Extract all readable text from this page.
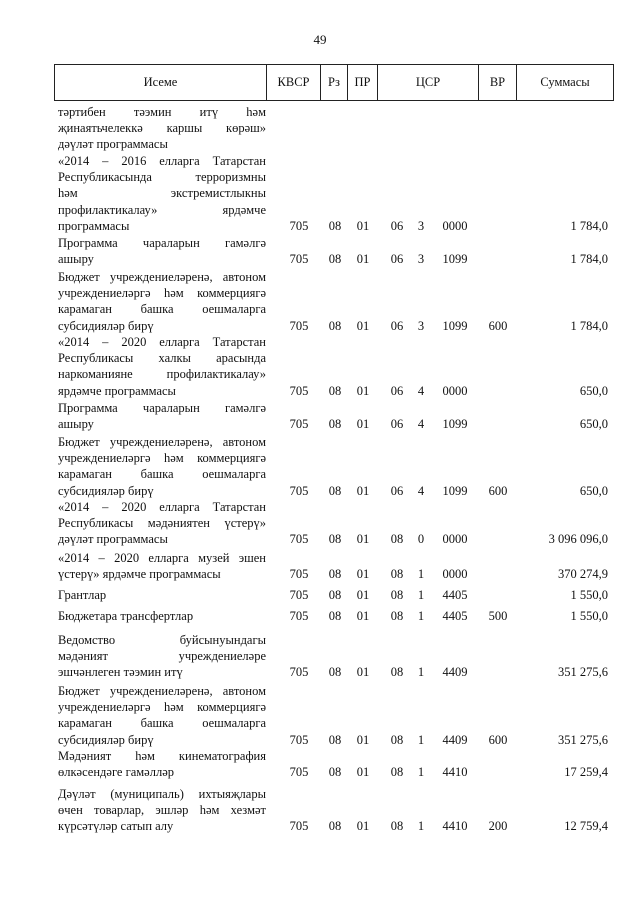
49
Исеме	КВСР	Рз	ПР	ЦСР	ВР	Суммасы
тәртибен тәэмин итү һәм
җинаятьчелеккә каршы көрәш»
дәүләт программасы
«2014 – 2016 елларга Татарстан
Республикасында терроризмны
һәм экстремистлыкны
профилактикалау» ярдәмче
программасы	705	08	01	06	3	0000	1 784,0
Программа чараларын гамәлгә
ашыру	705	08	01	06	3	1099	1 784,0
Бюджет учреждениеләренә, автоном
учреждениеләргә һәм коммерциягә
карамаган башка оешмаларга
субсидияләр бирү	705	08	01	06	3	1099	600	1 784,0
«2014 – 2020 елларга Татарстан
Республикасы халкы арасында
наркоманияне профилактикалау»
ярдәмче программасы	705	08	01	06	4	0000	650,0
Программа чараларын гамәлгә
ашыру	705	08	01	06	4	1099	650,0
Бюджет учреждениеләренә, автоном
учреждениеләргә һәм коммерциягә
карамаган башка оешмаларга
субсидияләр бирү	705	08	01	06	4	1099	600	650,0
«2014 – 2020 елларга Татарстан
Республикасы мәдәниятен үстерү»
дәүләт программасы	705	08	01	08	0	0000	3 096 096,0
«2014 – 2020 елларга музей эшен
үстерү» ярдәмче программасы	705	08	01	08	1	0000	370 274,9
Грантлар	705	08	01	08	1	4405	1 550,0
Бюджетара трансфертлар	705	08	01	08	1	4405	500	1 550,0
Ведомство буйсынуындагы
мәдәният учреждениеләре
эшчәнлеген тәэмин итү	705	08	01	08	1	4409	351 275,6
Бюджет учреждениеләренә, автоном
учреждениеләргә һәм коммерциягә
карамаган башка оешмаларга
субсидияләр бирү	705	08	01	08	1	4409	600	351 275,6
Мәдәният һәм кинематография
өлкәсендәге гамәлләр	705	08	01	08	1	4410	17 259,4
Дәүләт (муниципаль) ихтыяҗлары
өчен товарлар, эшләр һәм хезмәт
күрсәтүләр сатып алу	705	08	01	08	1	4410	200	12 759,4
